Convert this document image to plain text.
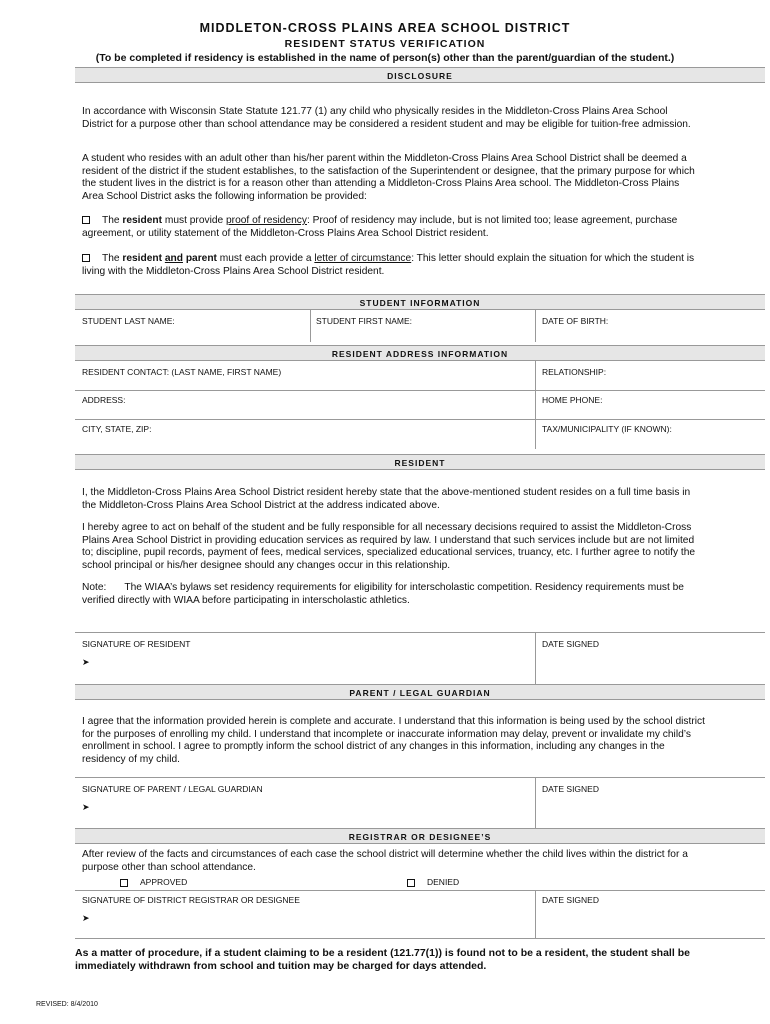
MIDDLETON-CROSS PLAINS AREA SCHOOL DISTRICT
RESIDENT STATUS VERIFICATION
(To be completed if residency is established in the name of person(s) other than the parent/guardian of the student.)
DISCLOSURE
In accordance with Wisconsin State Statute 121.77 (1) any child who physically resides in the Middleton-Cross Plains Area School District for a purpose other than school attendance may be considered a resident student and may be eligible for tuition-free admission.
A student who resides with an adult other than his/her parent within the Middleton-Cross Plains Area School District shall be deemed a resident of the district if the student establishes, to the satisfaction of the Superintendent or designee, that the primary purpose for which the student lives in the district is for a reason other than attending a Middleton-Cross Plains Area school. The Middleton-Cross Plains Area School District asks the following information be provided:
The resident must provide proof of residency: Proof of residency may include, but is not limited too; lease agreement, purchase agreement, or utility statement of the Middleton-Cross Plains Area School District resident.
The resident and parent must each provide a letter of circumstance: This letter should explain the situation for which the student is living with the Middleton-Cross Plains Area School District resident.
STUDENT INFORMATION
STUDENT LAST NAME:	STUDENT FIRST NAME:	DATE OF BIRTH:
RESIDENT ADDRESS INFORMATION
RESIDENT CONTACT: (LAST NAME, FIRST NAME)	RELATIONSHIP:
ADDRESS:	HOME PHONE:
CITY, STATE, ZIP:	TAX/MUNICIPALITY (IF KNOWN):
RESIDENT
I, the Middleton-Cross Plains Area School District resident hereby state that the above-mentioned student resides on a full time basis in the Middleton-Cross Plains Area School District at the address indicated above.
I hereby agree to act on behalf of the student and be fully responsible for all necessary decisions required to assist the Middleton-Cross Plains Area School District in providing education services as required by law. I understand that such services include but are not limited to; discipline, pupil records, payment of fees, medical services, specialized educational services, truancy, etc. I further agree to notify the school principal or his/her designee should any changes occur in this relationship.
Note: The WIAA’s bylaws set residency requirements for eligibility for interscholastic competition. Residency requirements must be verified directly with WIAA before participating in interscholastic athletics.
SIGNATURE OF RESIDENT	DATE SIGNED
➤
PARENT / LEGAL GUARDIAN
I agree that the information provided herein is complete and accurate. I understand that this information is being used by the school district for the purposes of enrolling my child. I understand that incomplete or inaccurate information may delay, prevent or invalidate my child’s enrollment in school. I agree to promptly inform the school district of any changes in this information, including any changes in the residency of my child.
SIGNATURE OF PARENT / LEGAL GUARDIAN	DATE SIGNED
➤
REGISTRAR OR DESIGNEE’S
After review of the facts and circumstances of each case the school district will determine whether the child lives within the district for a purpose other than school attendance.
APPROVED	DENIED
SIGNATURE OF DISTRICT REGISTRAR OR DESIGNEE	DATE SIGNED
➤
As a matter of procedure, if a student claiming to be a resident (121.77(1)) is found not to be a resident, the student shall be immediately withdrawn from school and tuition may be charged for days attended.
REVISED: 8/4/2010
